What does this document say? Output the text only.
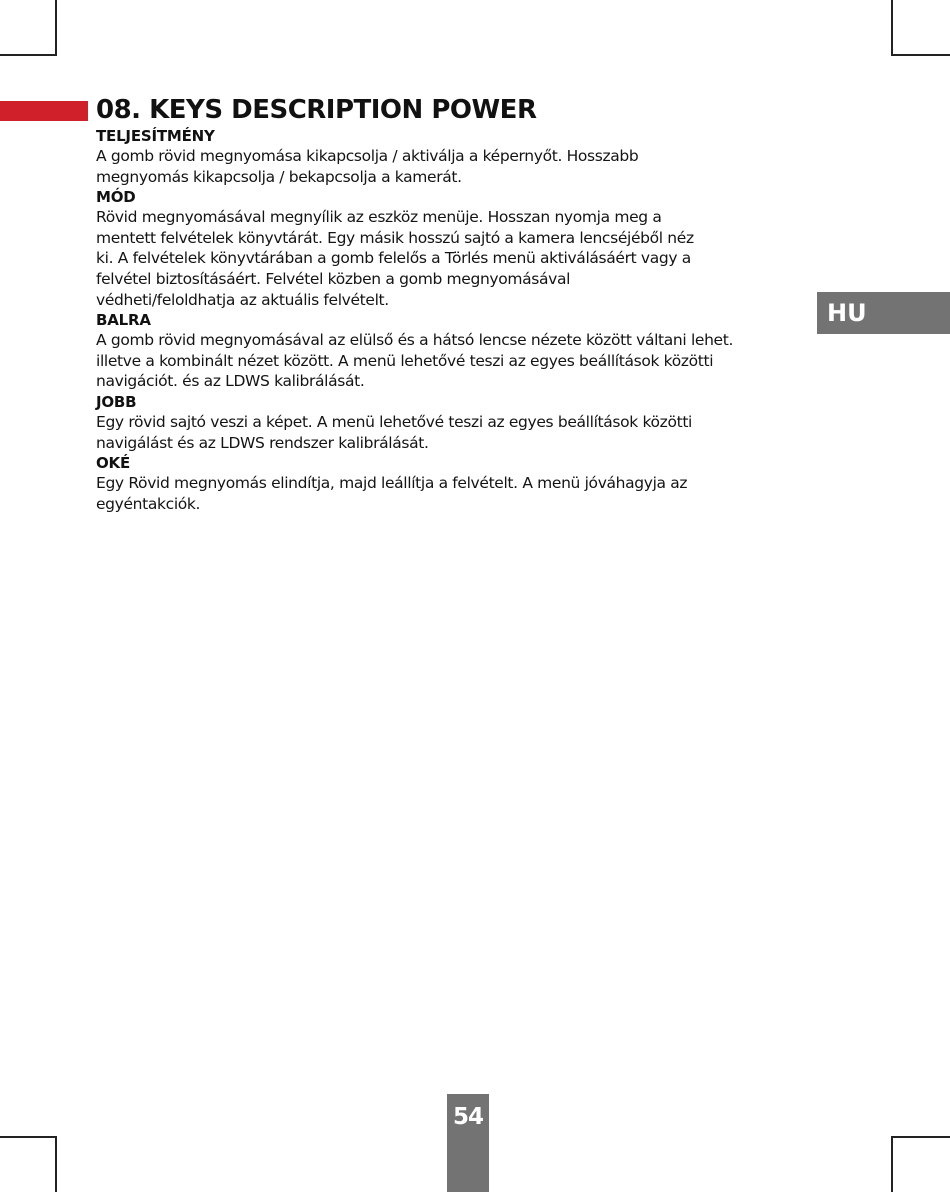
08. KEYS DESCRIPTION POWER

TELJESÍTMÉNY

A gomb rövid megnyomása kikapcsolja / aktiválja a képernyőt. Hosszabb
megnyomás kikapcsolja / bekapcsolja a kamerát.

MÓD

Rövid megnyomásával megnyílik az eszköz menüje. Hosszan nyomja meg a
mentett felvételek könyvtárát. Egy másik hosszú sajtó a kamera lencséjéből néz
ki. A felvételek könyvtárában a gomb felelős a Törlés menü aktiválásáért vagy a
felvétel biztosításáért. Felvétel közben a gomb megnyomásával
védheti/feloldhatja az aktuális felvételt.

BALRA

A gomb rövid megnyomásával az elülső és a hátsó lencse nézete között váltani lehet.
illetve a kombinált nézet között. A menü lehetővé teszi az egyes beállítások közötti
navigációt. és az LDWS kalibrálását.

JOBB

Egy rövid sajtó veszi a képet. A menü lehetővé teszi az egyes beállítások közötti
navigálást és az LDWS rendszer kalibrálását.

OKÉ

Egy Rövid megnyomás elindítja, majd leállítja a felvételt. A menü jóváhagyja az
egyéntakciók.
HU
54
